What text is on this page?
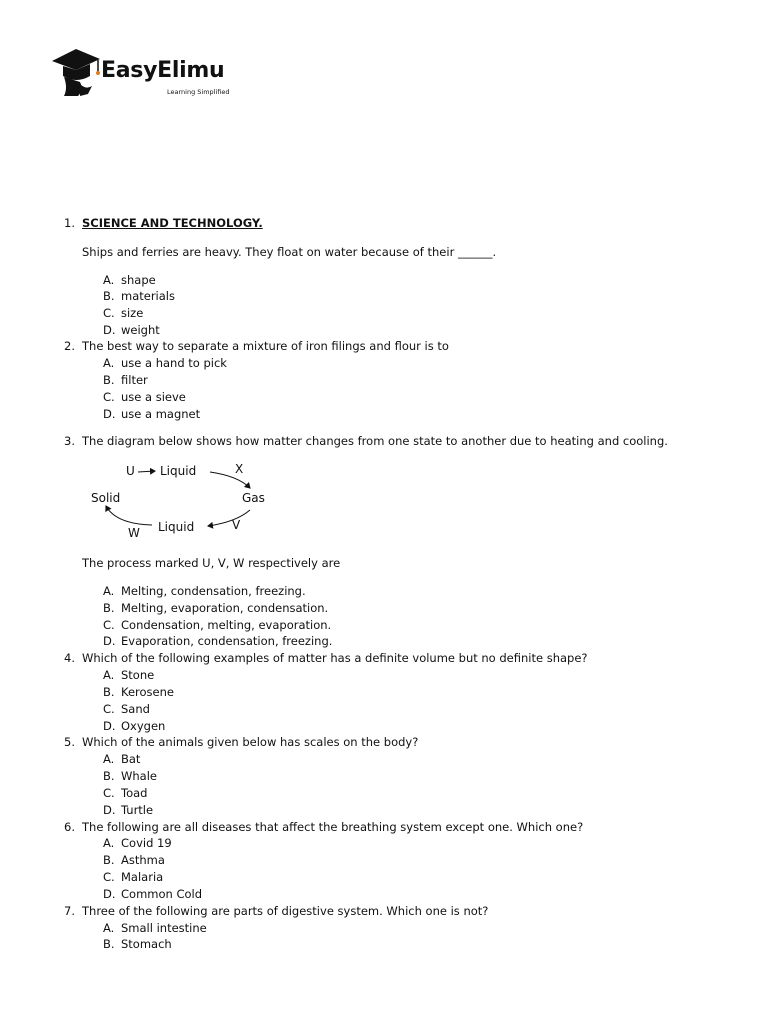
EasyElimu
Learning Simplified
1. SCIENCE AND TECHNOLOGY.
Ships and ferries are heavy. They float on water because of their ______.
A. shape
B. materials
C. size
D. weight
2. The best way to separate a mixture of iron filings and flour is to
A. use a hand to pick
B. filter
C. use a sieve
D. use a magnet
3. The diagram below shows how matter changes from one state to another due to heating and cooling.
Liquid
Solid	Gas
Liquid
U	X
V
W
The process marked U, V, W respectively are
A. Melting, condensation, freezing.
B. Melting, evaporation, condensation.
C. Condensation, melting, evaporation.
D. Evaporation, condensation, freezing.
4. Which of the following examples of matter has a definite volume but no definite shape?
A. Stone
B. Kerosene
C. Sand
D. Oxygen
5. Which of the animals given below has scales on the body?
A. Bat
B. Whale
C. Toad
D. Turtle
6. The following are all diseases that affect the breathing system except one. Which one?
A. Covid 19
B. Asthma
C. Malaria
D. Common Cold
7. Three of the following are parts of digestive system. Which one is not?
A. Small intestine
B. Stomach
